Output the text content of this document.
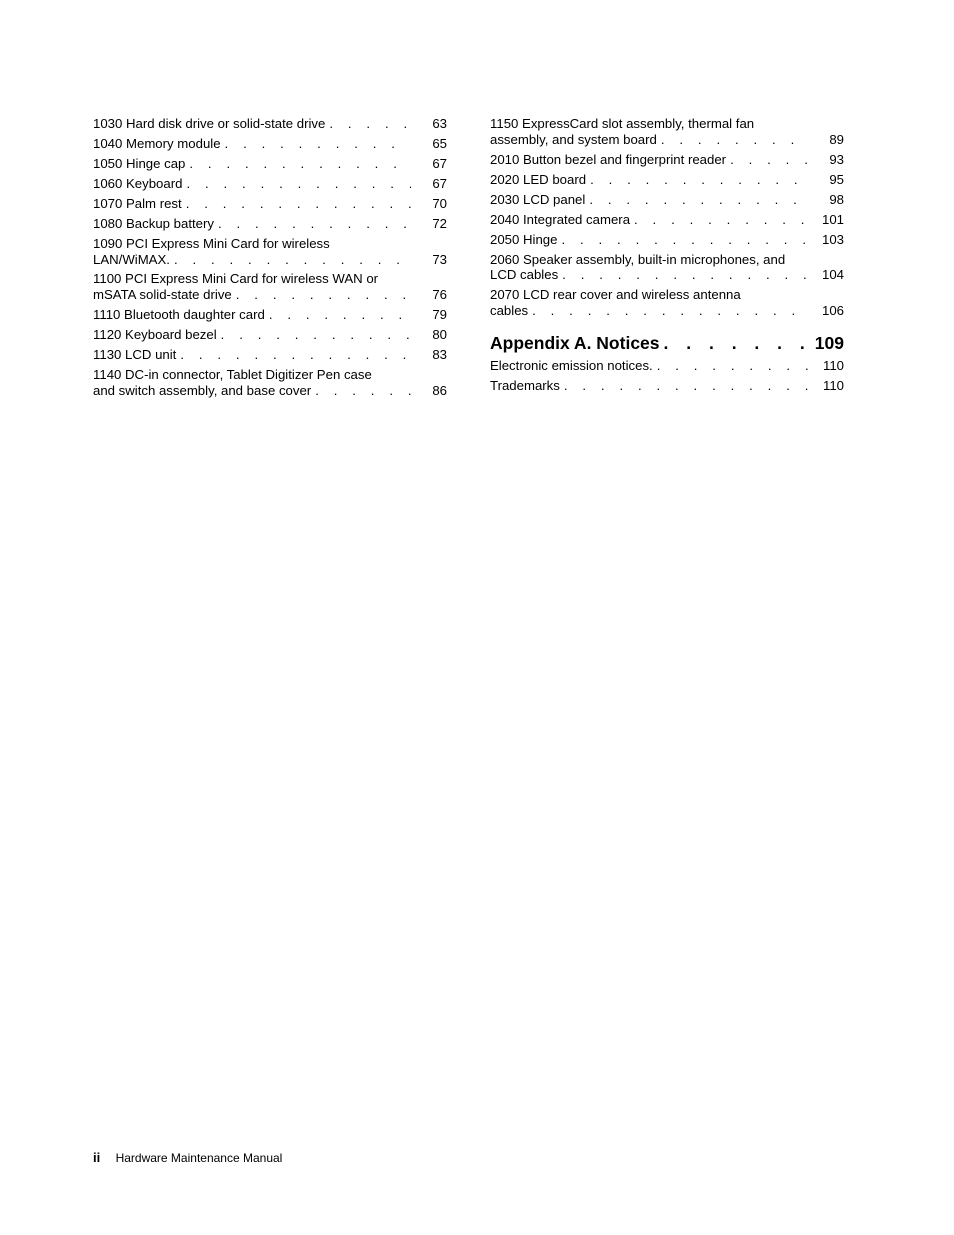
1030 Hard disk drive or solid-state drive . . .	63
1040 Memory module . . .	65
1050 Hinge cap . . .	67
1060 Keyboard . . .	67
1070 Palm rest . . .	70
1080 Backup battery . . .	72
1090 PCI Express Mini Card for wireless
LAN/WiMAX. . . .	73
1100 PCI Express Mini Card for wireless WAN or
mSATA solid-state drive . . .	76
1110 Bluetooth daughter card . . .	79
1120 Keyboard bezel . . .	80
1130 LCD unit . . .	83
1140 DC-in connector, Tablet Digitizer Pen case
and switch assembly, and base cover . . .	86
1150 ExpressCard slot assembly, thermal fan
assembly, and system board . . .	89
2010 Button bezel and fingerprint reader . . .	93
2020 LED board . . .	95
2030 LCD panel . . .	98
2040 Integrated camera . . .	101
2050 Hinge . . .	103
2060 Speaker assembly, built-in microphones, and
LCD cables . . .	104
2070 LCD rear cover and wireless antenna
cables . . .	106
Appendix A. Notices . . .	109
Electronic emission notices. . . .	110
Trademarks . . .	110
ii Hardware Maintenance Manual
